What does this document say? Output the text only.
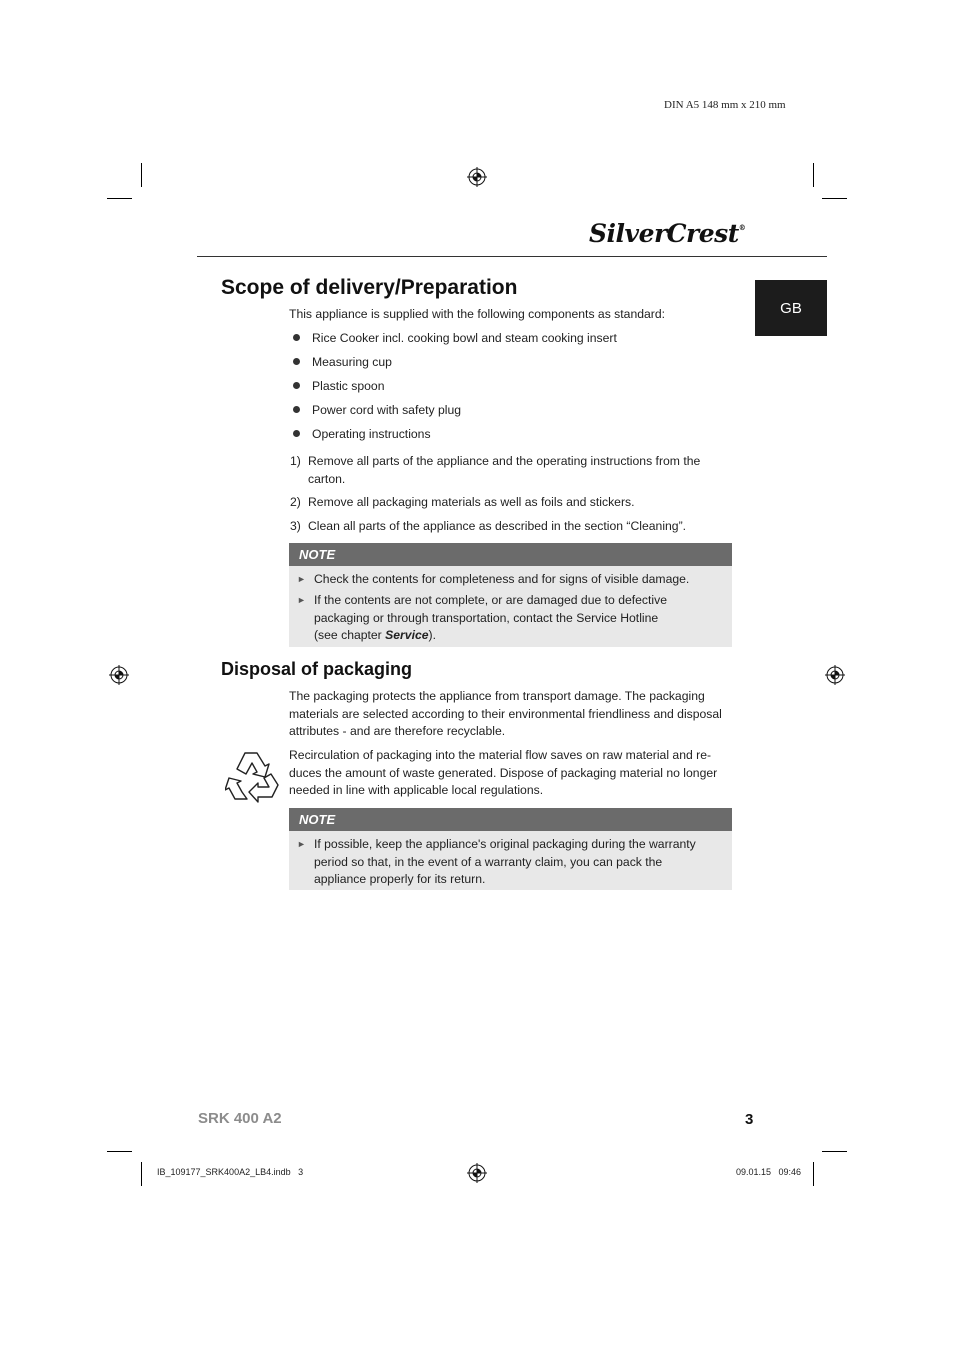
DIN A5 148 mm x 210 mm
SilverCrest®
GB
Scope of delivery/Preparation
This appliance is supplied with the following components as standard:
Rice Cooker incl. cooking bowl and steam cooking insert
Measuring cup
Plastic spoon
Power cord with safety plug
Operating instructions
1) Remove all parts of the appliance and the operating instructions from the carton.
2) Remove all packaging materials as well as foils and stickers.
3) Clean all parts of the appliance as described in the section “Cleaning”.
NOTE
► Check the contents for completeness and for signs of visible damage.
► If the contents are not complete, or are damaged due to defective packaging or through transportation, contact the Service Hotline (see chapter Service).
Disposal of packaging
The packaging protects the appliance from transport damage. The packaging materials are selected according to their environmental friendliness and disposal attributes - and are therefore recyclable.
Recirculation of packaging into the material flow saves on raw material and re-duces the amount of waste generated. Dispose of packaging material no longer needed in line with applicable local regulations.
NOTE
► If possible, keep the appliance's original packaging during the warranty period so that, in the event of a warranty claim, you can pack the appliance properly for its return.
SRK 400 A2	3
IB_109177_SRK400A2_LB4.indb   3	09.01.15   09:46
